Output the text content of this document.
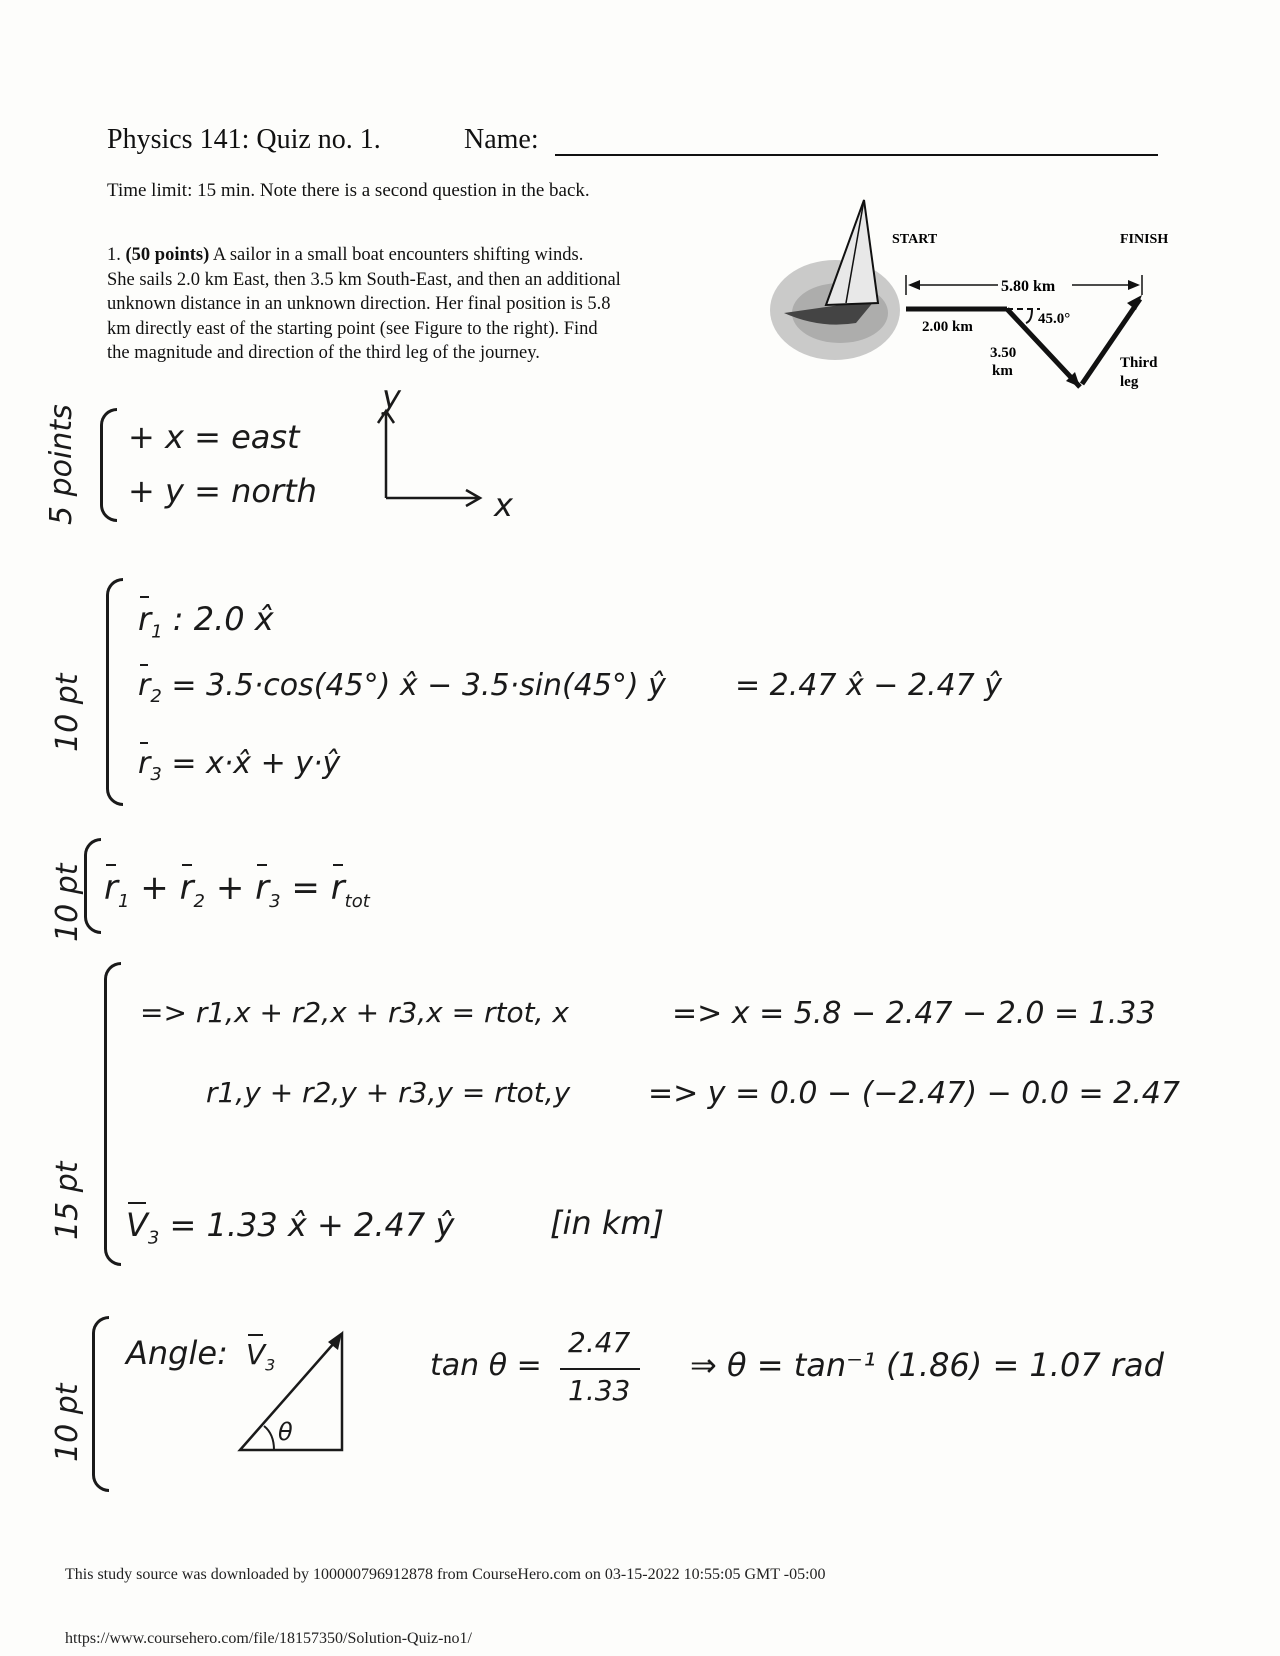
Physics 141: Quiz no. 1.	Name:
Time limit: 15 min. Note there is a second question in the back.
1. (50 points) A sailor in a small boat encounters shifting winds.
She sails 2.0 km East, then 3.5 km South-East, and then an additional
unknown distance in an unknown direction. Her final position is 5.8
km directly east of the starting point (see Figure to the right). Find
the magnitude and direction of the third leg of the journey.
START	FINISH
5.80 km
2.00 km	45.0°
3.50
km	Third
leg
5 points + x = east
+ y = north
y
x
10 pt
$r_1$ : 2.0 x̂
$r_2 = 3.5\cdot\cos(45^\circ)$ x̂ − 3.5·sin(45°) ŷ = 2.47 x̂ − 2.47 ŷ
$r_3$ = x·x̂ + y·ŷ
10 pt $r_1 + r_2 + r_3 = r_{tot}$
15 pt
=> r1,x + r2,x + r3,x = rtot, x	=> x = 5.8 − 2.47 − 2.0 = 1.33
r1,y + r2,y + r3,y = rtot,y	=> y = 0.0 − (−2.47) − 0.0 = 2.47
$V_3 = 1.33$ x̂ + 2.47 ŷ	[in km]
10 pt
Angle: $V_3$
θ
tan θ =
2.47
1.33
⇒ θ = tan⁻¹ (1.86) = 1.07 rad
This study source was downloaded by 100000796912878 from CourseHero.com on 03-15-2022 10:55:05 GMT -05:00
https://www.coursehero.com/file/18157350/Solution-Quiz-no1/
